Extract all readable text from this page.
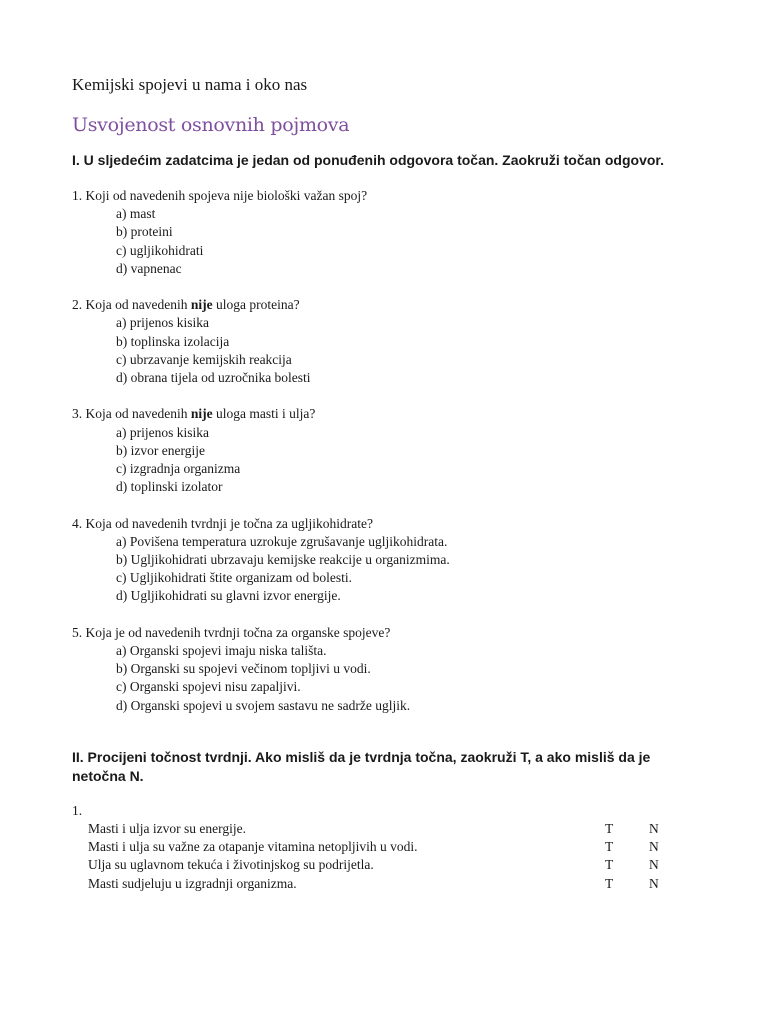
Kemijski spojevi u nama i oko nas
Usvojenost osnovnih pojmova
I. U sljedećim zadatcima je jedan od ponuđenih odgovora točan. Zaokruži točan odgovor.
1. Koji od navedenih spojeva nije biološki važan spoj?
a) mast
b) proteini
c) ugljikohidrati
d) vapnenac
2. Koja od navedenih nije uloga proteina?
a) prijenos kisika
b) toplinska izolacija
c) ubrzavanje kemijskih reakcija
d) obrana tijela od uzročnika bolesti
3. Koja od navedenih nije uloga masti i ulja?
a) prijenos kisika
b) izvor energije
c) izgradnja organizma
d) toplinski izolator
4. Koja od navedenih tvrdnji je točna za ugljikohidrate?
a) Povišena temperatura uzrokuje zgrušavanje ugljikohidrata.
b) Ugljikohidrati ubrzavaju kemijske reakcije u organizmima.
c) Ugljikohidrati štite organizam od bolesti.
d) Ugljikohidrati su glavni izvor energije.
5. Koja je od navedenih tvrdnji točna za organske spojeve?
a) Organski spojevi imaju niska tališta.
b) Organski su spojevi večinom topljivi u vodi.
c) Organski spojevi nisu zapaljivi.
d) Organski spojevi u svojem sastavu ne sadrže ugljik.
II. Procijeni točnost tvrdnji. Ako misliš da je tvrdnja točna, zaokruži T, a ako misliš da je
netočna N.
1.
Masti i ulja izvor su energije.	T	N
Masti i ulja su važne za otapanje vitamina netopljivih u vodi.	T	N
Ulja su uglavnom tekuća i životinjskog su podrijetla.	T	N
Masti sudjeluju u izgradnji organizma.	T	N
